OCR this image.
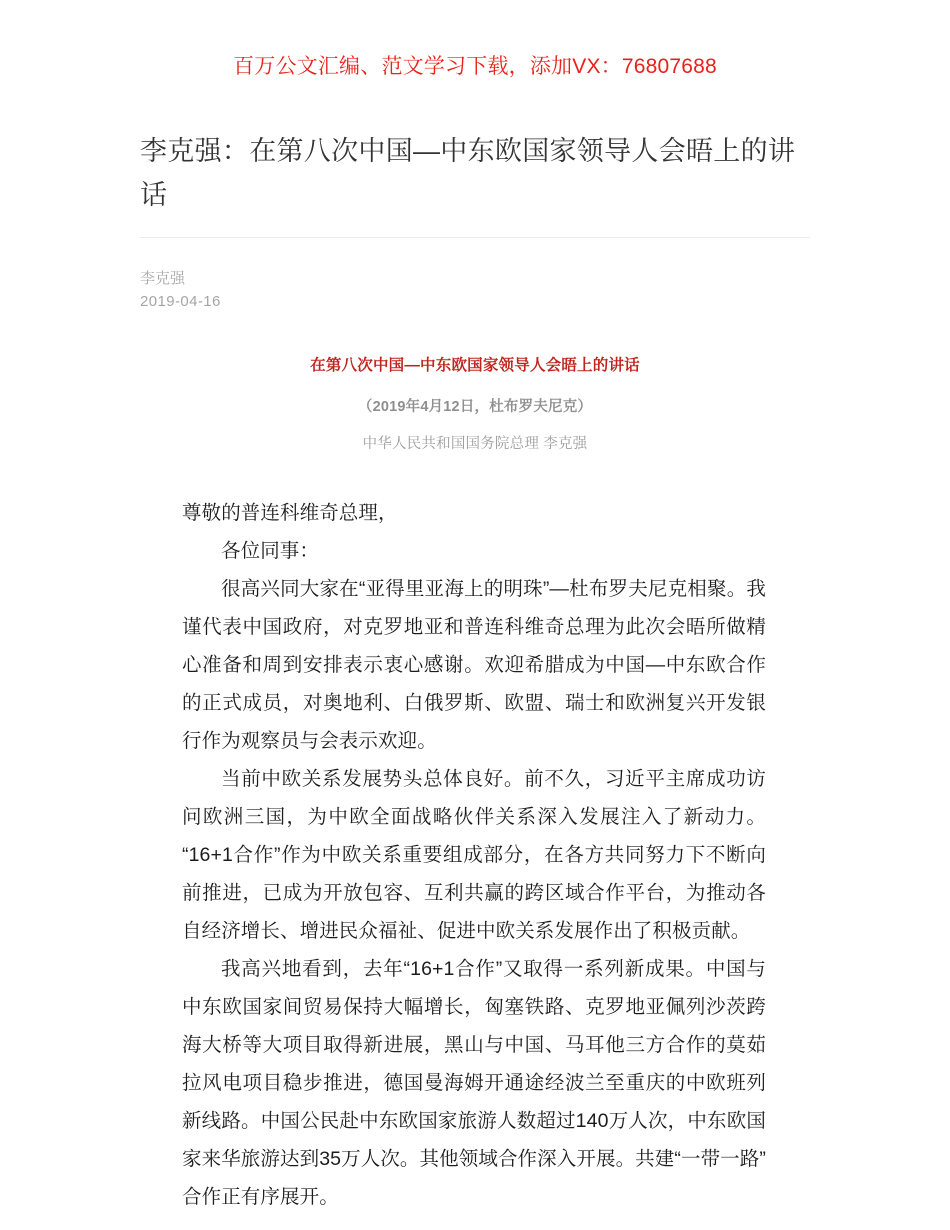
百万公文汇编、范文学习下载，添加VX：76807688
李克强：在第八次中国—中东欧国家领导人会晤上的讲话
李克强
2019-04-16

在第八次中国—中东欧国家领导人会晤上的讲话

（2019年4月12日，杜布罗夫尼克）

中华人民共和国国务院总理 李克强

尊敬的普连科维奇总理，

各位同事：

很高兴同大家在“亚得里亚海上的明珠”—杜布罗夫尼克相聚。我谨代表中国政府，对克罗地亚和普连科维奇总理为此次会晤所做精心准备和周到安排表示衷心感谢。欢迎希腊成为中国—中东欧合作的正式成员，对奥地利、白俄罗斯、欧盟、瑞士和欧洲复兴开发银行作为观察员与会表示欢迎。

当前中欧关系发展势头总体良好。前不久，习近平主席成功访问欧洲三国，为中欧全面战略伙伴关系深入发展注入了新动力。“16+1合作”作为中欧关系重要组成部分，在各方共同努力下不断向前推进，已成为开放包容、互利共赢的跨区域合作平台，为推动各自经济增长、增进民众福祉、促进中欧关系发展作出了积极贡献。

我高兴地看到，去年“16+1合作”又取得一系列新成果。中国与中东欧国家间贸易保持大幅增长，匈塞铁路、克罗地亚佩列沙茨跨海大桥等大项目取得新进展，黑山与中国、马耳他三方合作的莫茹拉风电项目稳步推进，德国曼海姆开通途经波兰至重庆的中欧班列新线路。中国公民赴中东欧国家旅游人数超过140万人次，中东欧国家来华旅游达到35万人次。其他领域合作深入开展。共建“一带一路”合作正有序展开。
